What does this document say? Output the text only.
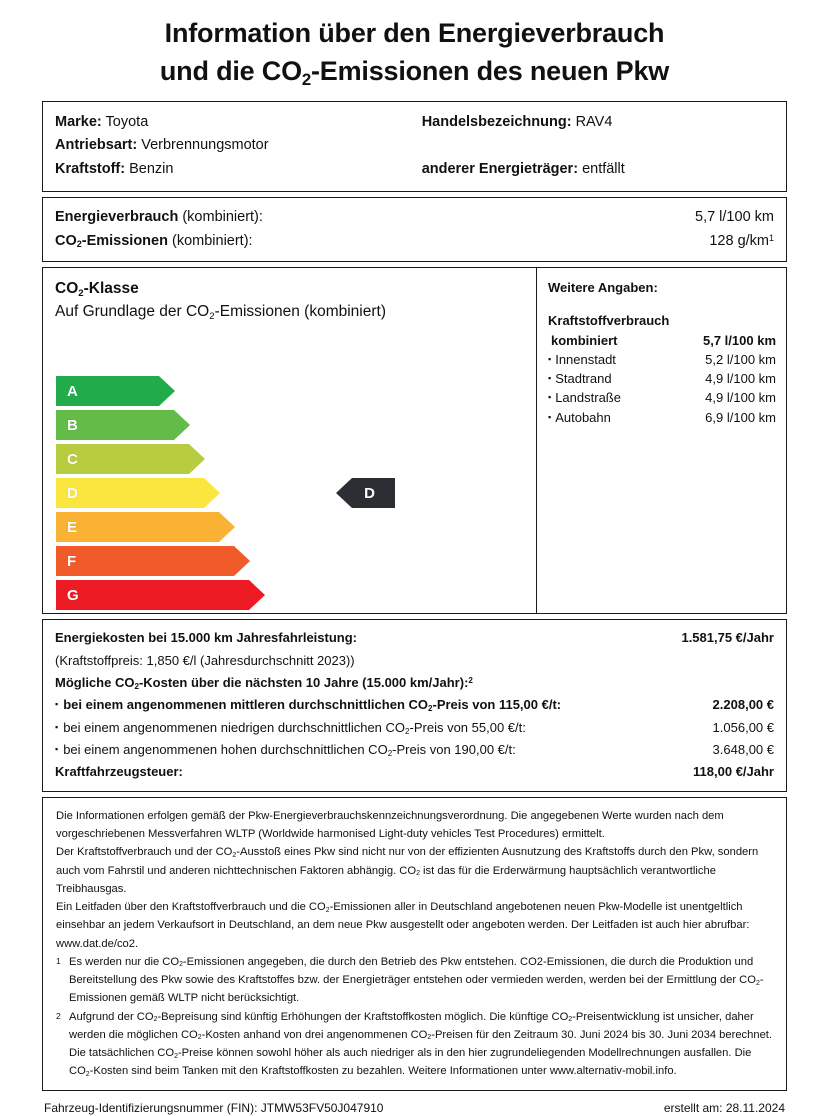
Information über den Energieverbrauch
und die $CO_2$-Emissionen des neuen Pkw
Marke: Toyota	Handelsbezeichnung: RAV4
Antriebsart: Verbrennungsmotor
Kraftstoff: Benzin	anderer Energieträger: entfällt
Energieverbrauch (kombiniert):	5,7 l/100 km
$CO_2$-Emissionen (kombiniert):	128 $g/km^1$
$CO_2$-Klasse
Auf Grundlage der $CO_2$-Emissionen (kombiniert)
A
B
C
D
E
F
G
D
Weitere Angaben:
Kraftstoffverbrauch
kombiniert	5,7 l/100 km
▪ Innenstadt	5,2 l/100 km
▪ Stadtrand	4,9 l/100 km
▪ Landstraße	4,9 l/100 km
▪ Autobahn	6,9 l/100 km
Energiekosten bei 15.000 km Jahresfahrleistung:	1.581,75 €/Jahr
(Kraftstoffpreis: 1,850 €/l (Jahresdurchschnitt 2023))
Mögliche $CO_2$-Kosten über die nächsten 10 Jahre (15.000 km/Jahr):$^2$
▪ bei einem angenommenen mittleren durchschnittlichen $CO_2$-Preis von 115,00 €/t:	2.208,00 €
▪ bei einem angenommenen niedrigen durchschnittlichen $CO_2$-Preis von 55,00 €/t:	1.056,00 €
▪ bei einem angenommenen hohen durchschnittlichen $CO_2$-Preis von 190,00 €/t:	3.648,00 €
Kraftfahrzeugsteuer:	118,00 €/Jahr

Die Informationen erfolgen gemäß der Pkw-Energieverbrauchskennzeichnungsverordnung. Die angegebenen Werte wurden nach dem vorgeschriebenen Messverfahren WLTP (Worldwide harmonised Light-duty vehicles Test Procedures) ermittelt.

Der Kraftstoffverbrauch und der $CO_2$-Ausstoß eines Pkw sind nicht nur von der effizienten Ausnutzung des Kraftstoffs durch den Pkw, sondern auch vom Fahrstil und anderen nichttechnischen Faktoren abhängig. $CO_2$ ist das für die Erderwärmung hauptsächlich verantwortliche Treibhausgas.

Ein Leitfaden über den Kraftstoffverbrauch und die $CO_2$-Emissionen aller in Deutschland angebotenen neuen Pkw-Modelle ist unentgeltlich einsehbar an jedem Verkaufsort in Deutschland, an dem neue Pkw ausgestellt oder angeboten werden. Der Leitfaden ist auch hier abrufbar: www.dat.de/co2.

1 Es werden nur die $CO_2$-Emissionen angegeben, die durch den Betrieb des Pkw entstehen. CO2-Emissionen, die durch die Produktion und Bereitstellung des Pkw sowie des Kraftstoffes bzw. der Energieträger entstehen oder vermieden werden, werden bei der Ermittlung der $CO_2$-Emissionen gemäß WLTP nicht berücksichtigt.
2 Aufgrund der $CO_2$-Bepreisung sind künftig Erhöhungen der Kraftstoffkosten möglich. Die künftige $CO_2$-Preisentwicklung ist unsicher, daher werden die möglichen $CO_2$-Kosten anhand von drei angenommenen $CO_2$-Preisen für den Zeitraum 30. Juni 2024 bis 30. Juni 2034 berechnet. Die tatsächlichen $CO_2$-Preise können sowohl höher als auch niedriger als in den hier zugrundeliegenden Modellrechnungen ausfallen. Die $CO_2$-Kosten sind beim Tanken mit den Kraftstoffkosten zu bezahlen. Weitere Informationen unter www.alternativ-mobil.info.
Fahrzeug-Identifizierungsnummer (FIN): JTMW53FV50J047910	erstellt am: 28.11.2024
